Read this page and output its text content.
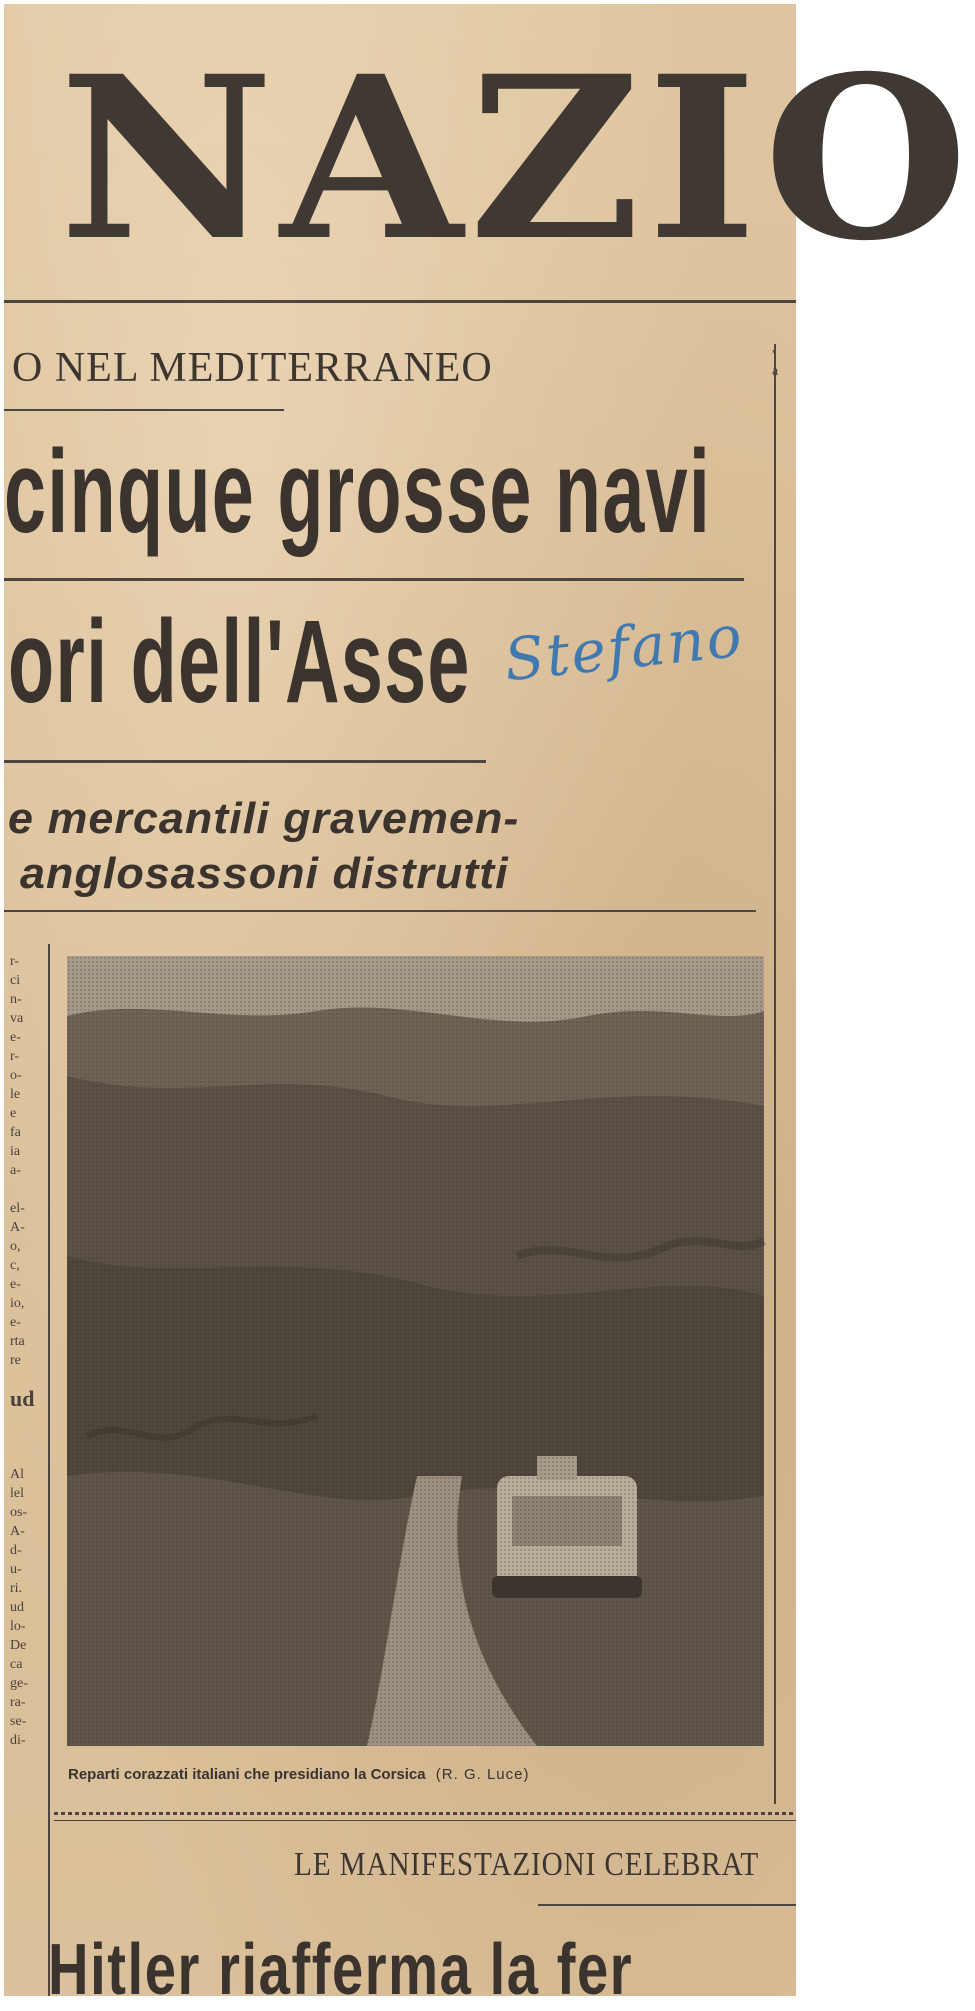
NAZIO
O NEL MEDITERRANEO	'
a
cinque grosse navi
ori dell'Asse Stefano
e mercantili gravemen-
anglosassoni distrutti
r-
ci
n-
va
e-
r-
o-
le
e
fa
ia
a-
el-
A-
o,
c,
e-
io,
e-
rta
re
ud
Al
lel
os-
A-
d-
u-
ri.
ud
lo-
De
ca
ge-
ra-
se-
di-
Reparti corazzati italiani che presidiano la Corsica (R. G. Luce)
LE MANIFESTAZIONI CELEBRAT
Hitler riafferma la fer
